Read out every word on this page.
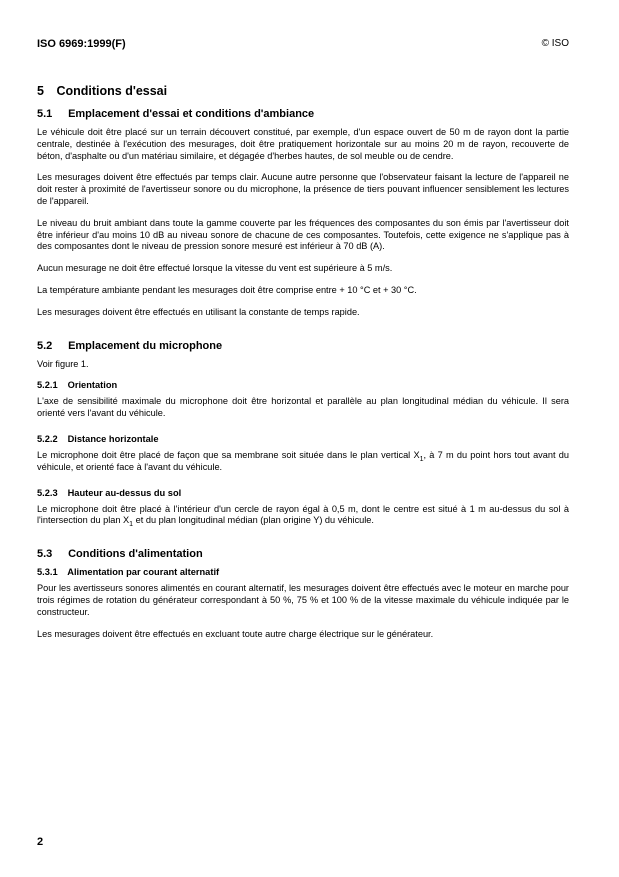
ISO 6969:1999(F)	© ISO
5 Conditions d'essai
5.1 Emplacement d'essai et conditions d'ambiance

Le véhicule doit être placé sur un terrain découvert constitué, par exemple, d'un espace ouvert de 50 m de rayon dont la partie centrale, destinée à l'exécution des mesurages, doit être pratiquement horizontale sur au moins 20 m de rayon, recouverte de béton, d'asphalte ou d'un matériau similaire, et dégagée d'herbes hautes, de sol meuble ou de cendre.

Les mesurages doivent être effectués par temps clair. Aucune autre personne que l'observateur faisant la lecture de l'appareil ne doit rester à proximité de l'avertisseur sonore ou du microphone, la présence de tiers pouvant influencer sensiblement les lectures de l'appareil.

Le niveau du bruit ambiant dans toute la gamme couverte par les fréquences des composantes du son émis par l'avertisseur doit être inférieur d'au moins 10 dB au niveau sonore de chacune de ces composantes. Toutefois, cette exigence ne s'applique pas à des composantes dont le niveau de pression sonore mesuré est inférieur à 70 dB (A).

Aucun mesurage ne doit être effectué lorsque la vitesse du vent est supérieure à 5 m/s.

La température ambiante pendant les mesurages doit être comprise entre + 10 °C et + 30 °C.

Les mesurages doivent être effectués en utilisant la constante de temps rapide.

5.2 Emplacement du microphone

Voir figure 1.

5.2.1 Orientation

L'axe de sensibilité maximale du microphone doit être horizontal et parallèle au plan longitudinal médian du véhicule. Il sera orienté vers l'avant du véhicule.

5.2.2 Distance horizontale

Le microphone doit être placé de façon que sa membrane soit située dans le plan vertical $X_1$, à 7 m du point hors tout avant du véhicule, et orienté face à l'avant du véhicule.

5.2.3 Hauteur au-dessus du sol

Le microphone doit être placé à l'intérieur d'un cercle de rayon égal à 0,5 m, dont le centre est situé à 1 m au-dessus du sol à l'intersection du plan $X_1$ et du plan longitudinal médian (plan origine Y) du véhicule.

5.3 Conditions d'alimentation
5.3.1 Alimentation par courant alternatif

Pour les avertisseurs sonores alimentés en courant alternatif, les mesurages doivent être effectués avec le moteur en marche pour trois régimes de rotation du générateur correspondant à 50 %, 75 % et 100 % de la vitesse maximale du véhicule indiquée par le constructeur.

Les mesurages doivent être effectués en excluant toute autre charge électrique sur le générateur.

2
